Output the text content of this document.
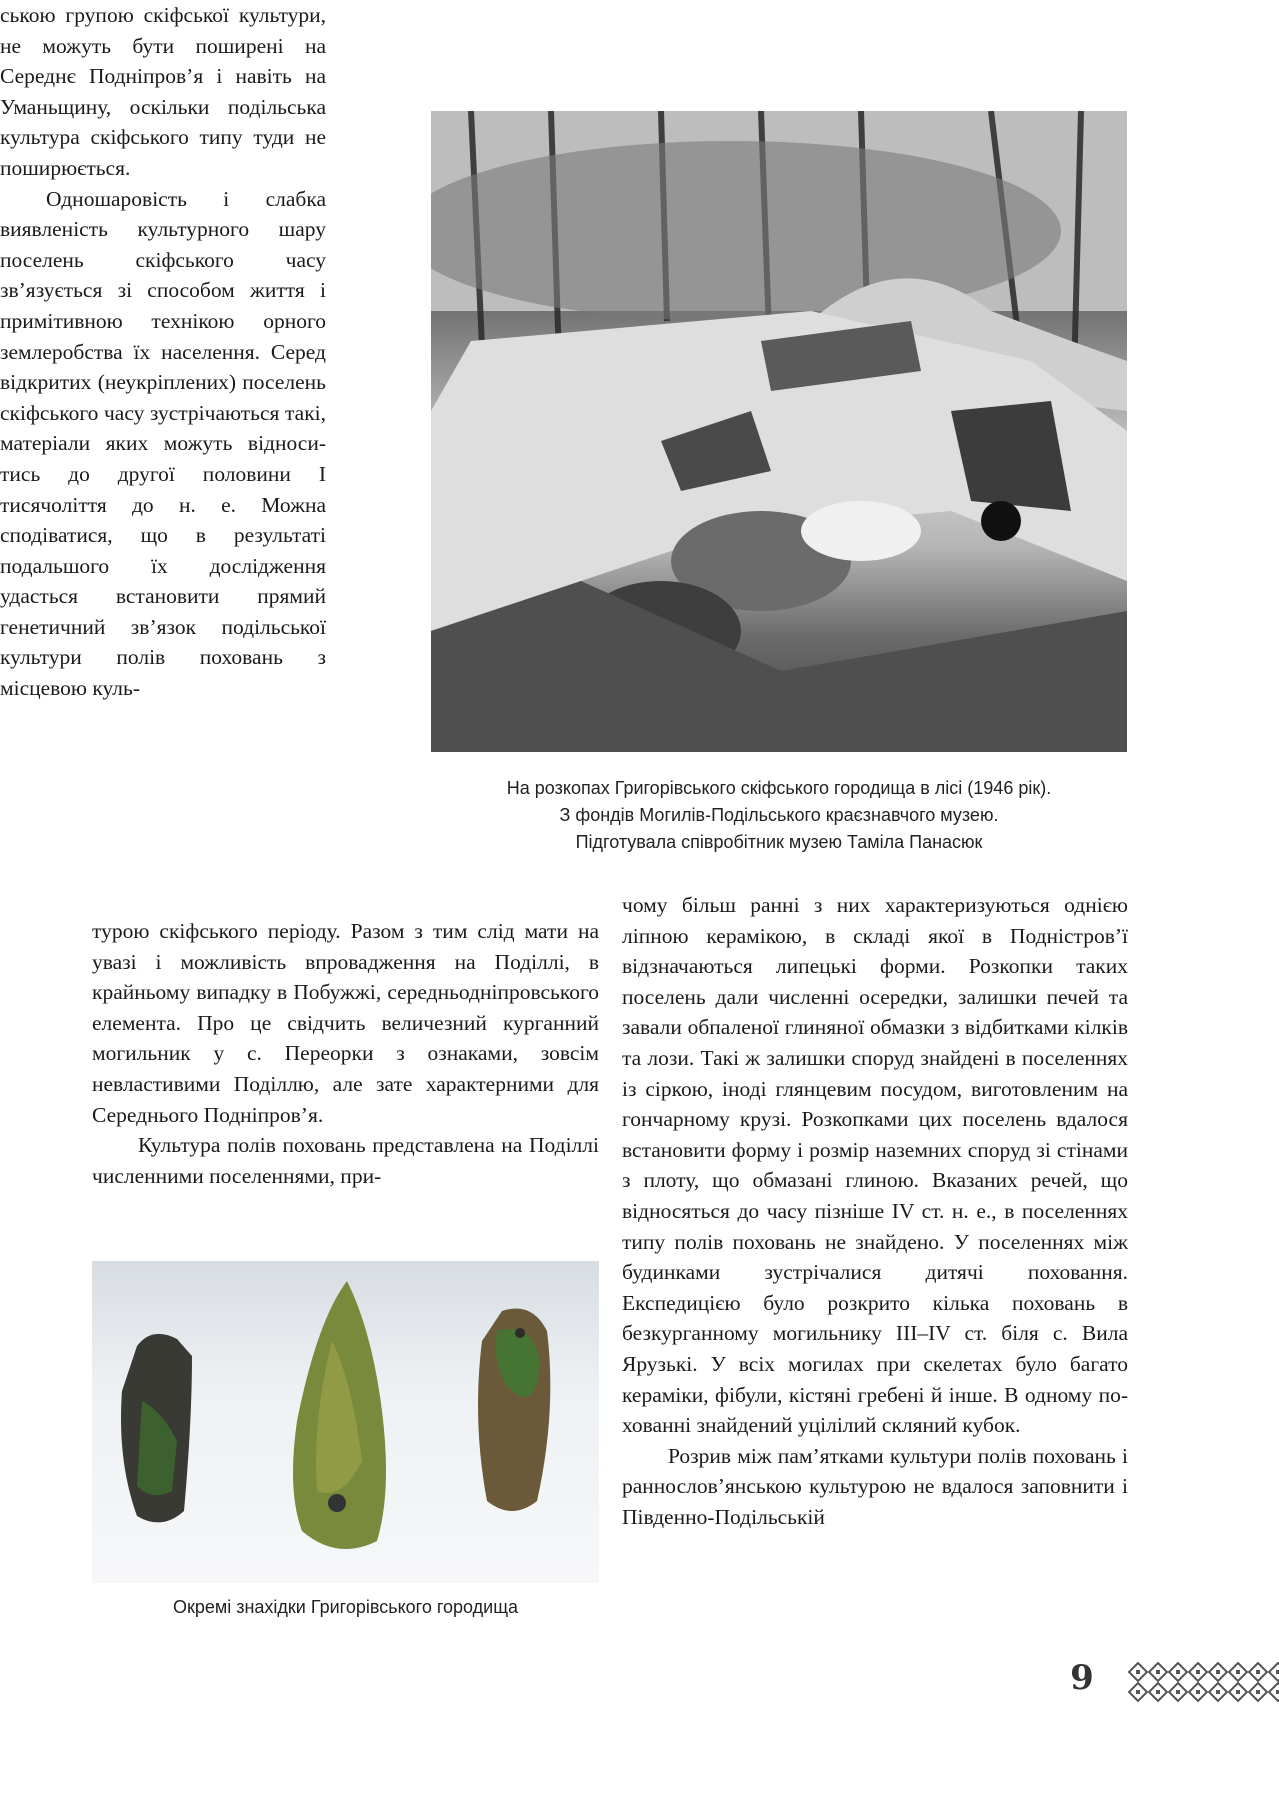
ською групою скіфської культури, не можуть бути поширені на Середнє Подніпров’я і навіть на Уманьщину, оскільки подільська культура скіфського типу туди не поширюється.

Одношаровість і слабка виявленість культурного шару поселень скіфського часу зв’язується зі способом життя і примітивною технікою орного землеробства їх населення. Серед відкритих (неукріплених) поселень скіфського часу зустрічаються такі, матеріали яких можуть відноситись до другої половини І тисячоліття до н. е. Можна сподіватися, що в результаті подальшого їх дослідження удасться встановити прямий генетичний зв’язок подільської культури полів поховань з місцевою куль-

На розкопах Григорівського скіфського городища в лісі (1946 рік).
З фондів Могилів-Подільського краєзнавчого музею.
Підготувала співробітник музею Таміла Панасюк

турою скіфського періоду. Разом з тим слід мати на увазі і можливість впровадження на Поділлі, в крайньому випадку в Побужжі, середньодніпровського елемента. Про це свідчить величезний курганний могильник у с. Переорки з ознаками, зовсім невластивими Поділлю, але зате характерними для Середнього Подніпров’я.

Культура полів поховань представлена на Поділлі численними поселеннями, при-

Окремі знахідки Григорівського городища

чому більш ранні з них характеризуються однією ліпною керамікою, в складі якої в Подністров’ї відзначаються липецькі форми. Розкопки таких поселень дали численні осередки, залишки печей та завали обпаленої глиняної обмазки з відбитками кілків та лози. Такі ж залишки споруд знайдені в поселеннях із сіркою, іноді глянцевим посудом, виготовленим на гончарному крузі. Розкопками цих поселень вдалося встановити форму і розмір наземних споруд зі стінами з плоту, що обмазані глиною. Вказаних речей, що відносяться до часу пізніше IV ст. н. е., в поселеннях типу полів поховань не знайдено. У поселеннях між будинками зустрічалися дитячі поховання. Експедицією було розкрито кілька поховань в безкурганному могильнику III–IV ст. біля с. Вила Ярузькі. У всіх могилах при скелетах було багато кераміки, фібули, кістяні гребені й інше. В одному похованні знайдений уцілілий скляний кубок.

Розрив між пам’ятками культури полів поховань і раннослов’янською культурою не вдалося заповнити і Південно-Подільській

9
